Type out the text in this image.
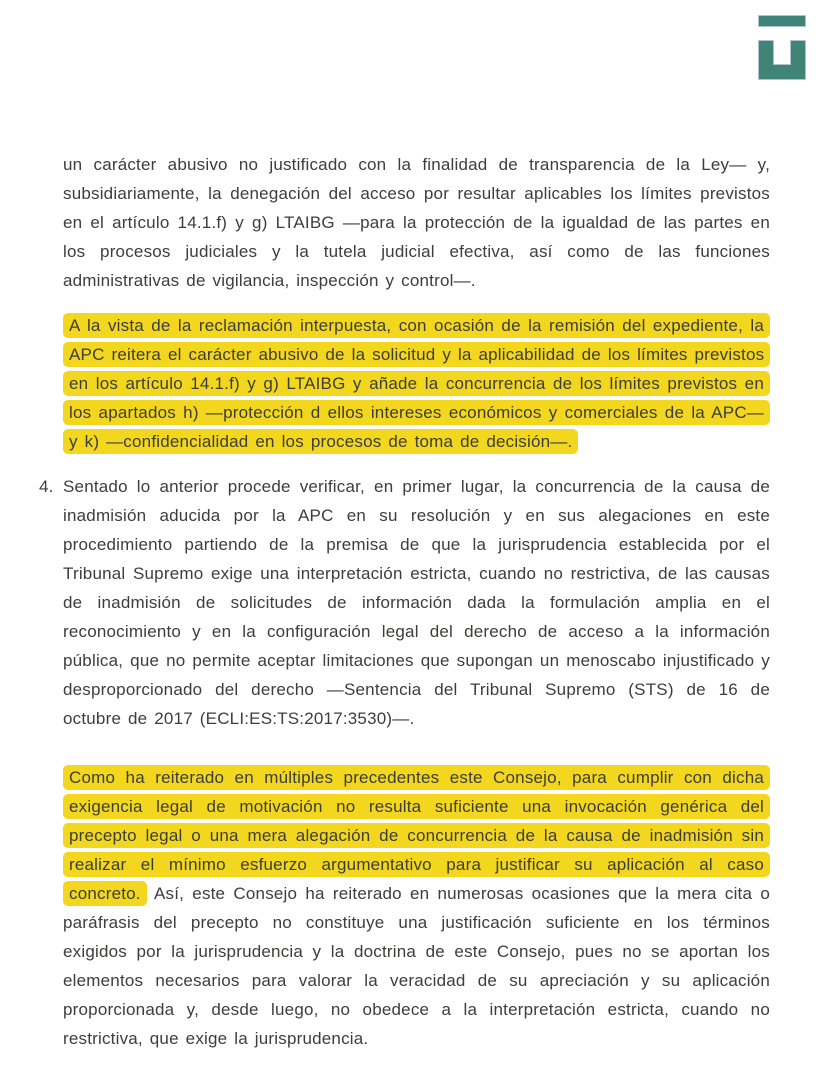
un carácter abusivo no justificado con la finalidad de transparencia de la Ley— y, subsidiariamente, la denegación del acceso por resultar aplicables los límites previstos en el artículo 14.1.f) y g) LTAIBG —para la protección de la igualdad de las partes en los procesos judiciales y la tutela judicial efectiva, así como de las funciones administrativas de vigilancia, inspección y control—.

A la vista de la reclamación interpuesta, con ocasión de la remisión del expediente, la APC reitera el carácter abusivo de la solicitud y la aplicabilidad de los límites previstos en los artículo 14.1.f) y g) LTAIBG y añade la concurrencia de los límites previstos en los apartados h) —protección d ellos intereses económicos y comerciales de la APC— y k) —confidencialidad en los procesos de toma de decisión—.

4. Sentado lo anterior procede verificar, en primer lugar, la concurrencia de la causa de inadmisión aducida por la APC en su resolución y en sus alegaciones en este procedimiento partiendo de la premisa de que la jurisprudencia establecida por el Tribunal Supremo exige una interpretación estricta, cuando no restrictiva, de las causas de inadmisión de solicitudes de información dada la formulación amplia en el reconocimiento y en la configuración legal del derecho de acceso a la información pública, que no permite aceptar limitaciones que supongan un menoscabo injustificado y desproporcionado del derecho —Sentencia del Tribunal Supremo (STS) de 16 de octubre de 2017 (ECLI:ES:TS:2017:3530)—.

Como ha reiterado en múltiples precedentes este Consejo, para cumplir con dicha exigencia legal de motivación no resulta suficiente una invocación genérica del precepto legal o una mera alegación de concurrencia de la causa de inadmisión sin realizar el mínimo esfuerzo argumentativo para justificar su aplicación al caso concreto. Así, este Consejo ha reiterado en numerosas ocasiones que la mera cita o paráfrasis del precepto no constituye una justificación suficiente en los términos exigidos por la jurisprudencia y la doctrina de este Consejo, pues no se aportan los elementos necesarios para valorar la veracidad de su apreciación y su aplicación proporcionada y, desde luego, no obedece a la interpretación estricta, cuando no restrictiva, que exige la jurisprudencia.
